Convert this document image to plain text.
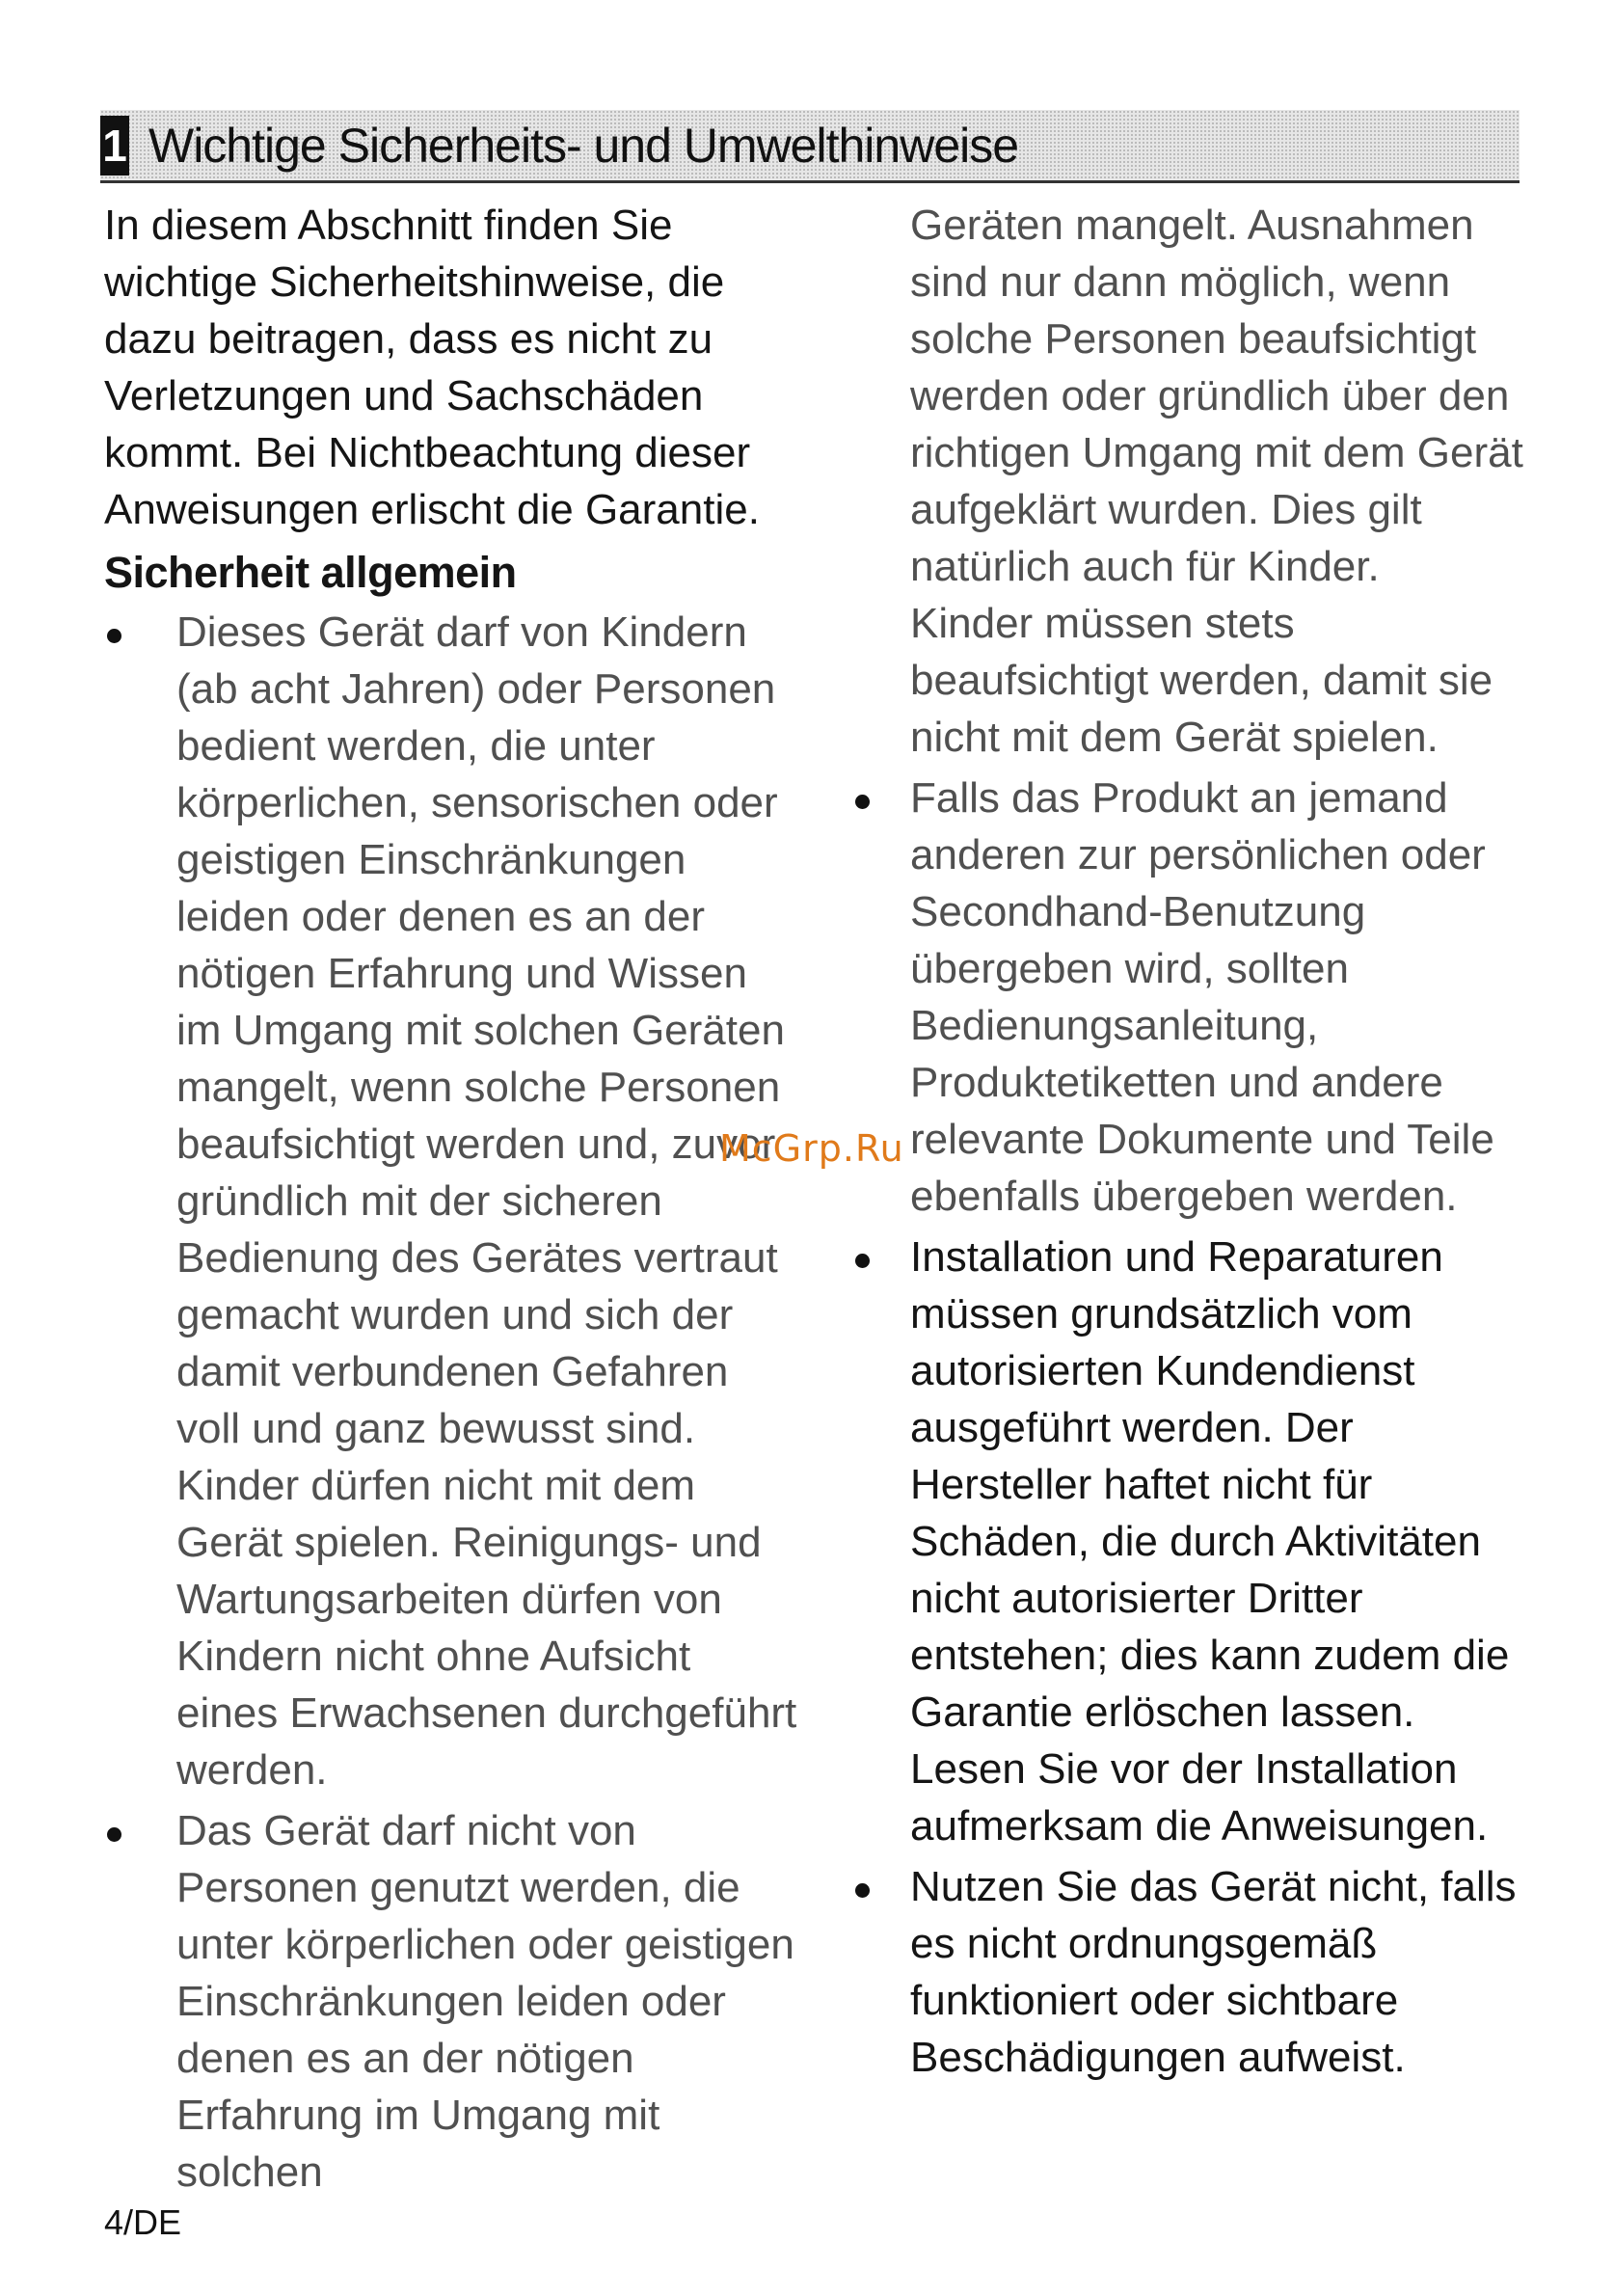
1 Wichtige Sicherheits- und Umwelthinweise

In diesem Abschnitt finden Sie wichtige Sicherheitshinweise, die dazu beitragen, dass es nicht zu Verletzungen und Sachschäden kommt. Bei Nichtbeachtung dieser Anweisungen erlischt die Garantie.

Sicherheit allgemein

Dieses Gerät darf von Kindern (ab acht Jahren) oder Personen bedient werden, die unter körperlichen, sensorischen oder geistigen Einschränkungen leiden oder denen es an der nötigen Erfahrung und Wissen im Umgang mit solchen Geräten mangelt, wenn solche Personen beaufsichtigt werden und, zuvor gründlich mit der sicheren Bedienung des Gerätes vertraut gemacht wurden und sich der damit verbundenen Gefahren voll und ganz bewusst sind.

Kinder dürfen nicht mit dem Gerät spielen. Reinigungs- und Wartungsarbeiten dürfen von Kindern nicht ohne Aufsicht eines Erwachsenen durchgeführt werden.

Das Gerät darf nicht von Personen genutzt werden, die unter körperlichen oder geistigen Einschränkungen leiden oder denen es an der nötigen Erfahrung im Umgang mit solchen

Geräten mangelt. Ausnahmen sind nur dann möglich, wenn solche Personen beaufsichtigt werden oder gründlich über den richtigen Umgang mit dem Gerät aufgeklärt wurden. Dies gilt natürlich auch für Kinder.

Kinder müssen stets beaufsichtigt werden, damit sie nicht mit dem Gerät spielen.

Falls das Produkt an jemand anderen zur persönlichen oder Secondhand-Benutzung übergeben wird, sollten Bedienungsanleitung, Produktetiketten und andere relevante Dokumente und Teile ebenfalls übergeben werden.

Installation und Reparaturen müssen grundsätzlich vom autorisierten Kundendienst ausgeführt werden. Der Hersteller haftet nicht für Schäden, die durch Aktivitäten nicht autorisierter Dritter entstehen; dies kann zudem die Garantie erlöschen lassen. Lesen Sie vor der Installation aufmerksam die Anweisungen.

Nutzen Sie das Gerät nicht, falls es nicht ordnungsgemäß funktioniert oder sichtbare Beschädigungen aufweist.

McGrp.Ru
4/DE
